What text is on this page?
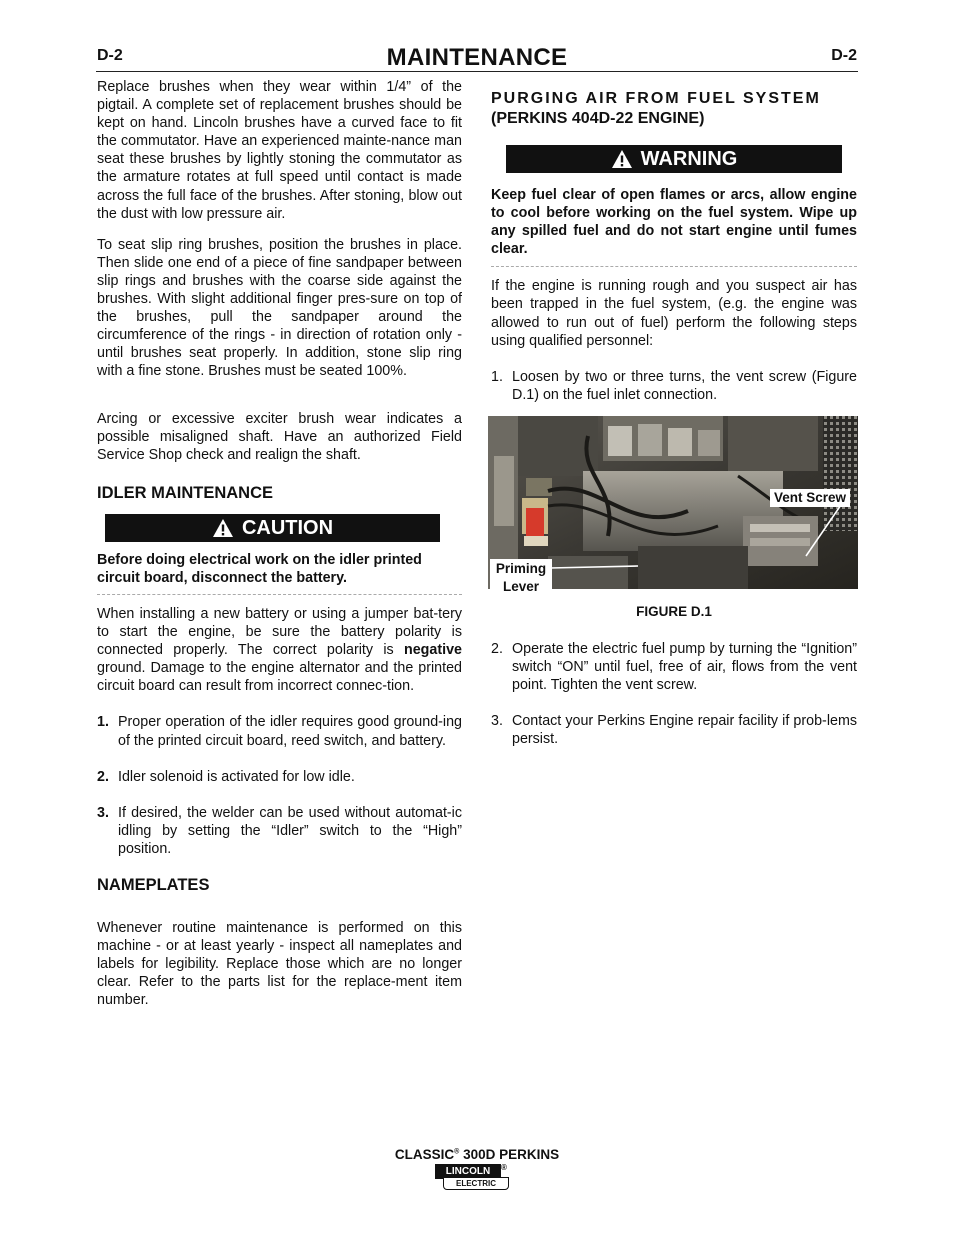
D-2	MAINTENANCE	D-2

Replace brushes when they wear within 1/4” of the pigtail. A complete set of replacement brushes should be kept on hand. Lincoln brushes have a curved face to fit the commutator. Have an experienced mainte-nance man seat these brushes by lightly stoning the commutator as the armature rotates at full speed until contact is made across the full face of the brushes. After stoning, blow out the dust with low pressure air.

To seat slip ring brushes, position the brushes in place. Then slide one end of a piece of fine sandpaper between slip rings and brushes with the coarse side against the brushes. With slight additional finger pres-sure on top of the brushes, pull the sandpaper around the circumference of the rings - in direction of rotation only - until brushes seat properly. In addition, stone slip ring with a fine stone. Brushes must be seated 100%.

Arcing or excessive exciter brush wear indicates a possible misaligned shaft. Have an authorized Field Service Shop check and realign the shaft.

IDLER MAINTENANCE
CAUTION

Before doing electrical work on the idler printed circuit board, disconnect the battery.

When installing a new battery or using a jumper bat-tery to start the engine, be sure the battery polarity is connected properly. The correct polarity is negative ground. Damage to the engine alternator and the printed circuit board can result from incorrect connec-tion.

1. Proper operation of the idler requires good ground-ing of the printed circuit board, reed switch, and battery.
2. Idler solenoid is activated for low idle.
3. If desired, the welder can be used without automat-ic idling by setting the “Idler” switch to the “High” position.
NAMEPLATES

Whenever routine maintenance is performed on this machine - or at least yearly - inspect all nameplates and labels for legibility. Replace those which are no longer clear. Refer to the parts list for the replace-ment item number.

PURGING AIR FROM FUEL SYSTEM
(PERKINS 404D-22 ENGINE)
WARNING

Keep fuel clear of open flames or arcs, allow engine to cool before working on the fuel system. Wipe up any spilled fuel and do not start engine until fumes clear.

If the engine is running rough and you suspect air has been trapped in the fuel system, (e.g. the engine was allowed to run out of fuel) perform the following steps using qualified personnel:

1. Loosen by two or three turns, the vent screw (Figure D.1) on the fuel inlet connection.
Vent Screw
Priming
Lever
FIGURE D.1
2. Operate the electric fuel pump by turning the “Ignition” switch “ON” until fuel, free of air, flows from the vent point. Tighten the vent screw.
3. Contact your Perkins Engine repair facility if prob-lems persist.
CLASSIC® 300D PERKINS
LINCOLN	®
ELECTRIC
